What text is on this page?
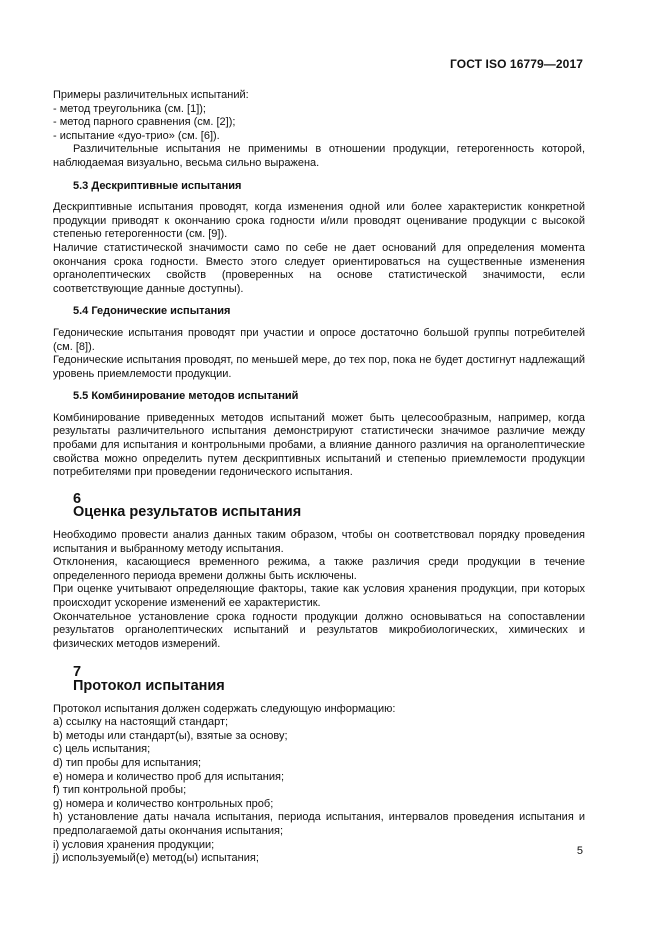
ГОСТ ISO 16779—2017

Примеры различительных испытаний:

- метод треугольника (см. [1]);

- метод парного сравнения (см. [2]);

- испытание «дуо-трио» (см. [6]).

Различительные испытания не применимы в отношении продукции, гетерогенность которой, наблюдаемая визуально, весьма сильно выражена.

5.3 Дескриптивные испытания

Дескриптивные испытания проводят, когда изменения одной или более характеристик конкретной продукции приводят к окончанию срока годности и/или проводят оценивание продукции с высокой степенью гетерогенности (см. [9]).

Наличие статистической значимости само по себе не дает оснований для определения момента окончания срока годности. Вместо этого следует ориентироваться на существенные изменения органолептических свойств (проверенных на основе статистической значимости, если соответствующие данные доступны).

5.4 Гедонические испытания

Гедонические испытания проводят при участии и опросе достаточно большой группы потребителей (см. [8]).

Гедонические испытания проводят, по меньшей мере, до тех пор, пока не будет достигнут надлежащий уровень приемлемости продукции.

5.5 Комбинирование методов испытаний

Комбинирование приведенных методов испытаний может быть целесообразным, например, когда результаты различительного испытания демонстрируют статистически значимое различие между пробами для испытания и контрольными пробами, а влияние данного различия на органолептические свойства можно определить путем дескриптивных испытаний и степенью приемлемости продукции потребителями при проведении гедонического испытания.

6
Оценка результатов испытания

Необходимо провести анализ данных таким образом, чтобы он соответствовал порядку проведения испытания и выбранному методу испытания.

Отклонения, касающиеся временного режима, а также различия среди продукции в течение определенного периода времени должны быть исключены.

При оценке учитывают определяющие факторы, такие как условия хранения продукции, при которых происходит ускорение изменений ее характеристик.

Окончательное установление срока годности продукции должно основываться на сопоставлении результатов органолептических испытаний и результатов микробиологических, химических и физических методов измерений.

7
Протокол испытания

Протокол испытания должен содержать следующую информацию:

a) ссылку на настоящий стандарт;

b) методы или стандарт(ы), взятые за основу;

c) цель испытания;

d) тип пробы для испытания;

e) номера и количество проб для испытания;

f) тип контрольной пробы;

g) номера и количество контрольных проб;

h) установление даты начала испытания, периода испытания, интервалов проведения испытания и предполагаемой даты окончания испытания;

i) условия хранения продукции;

j) используемый(е) метод(ы) испытания;

5
